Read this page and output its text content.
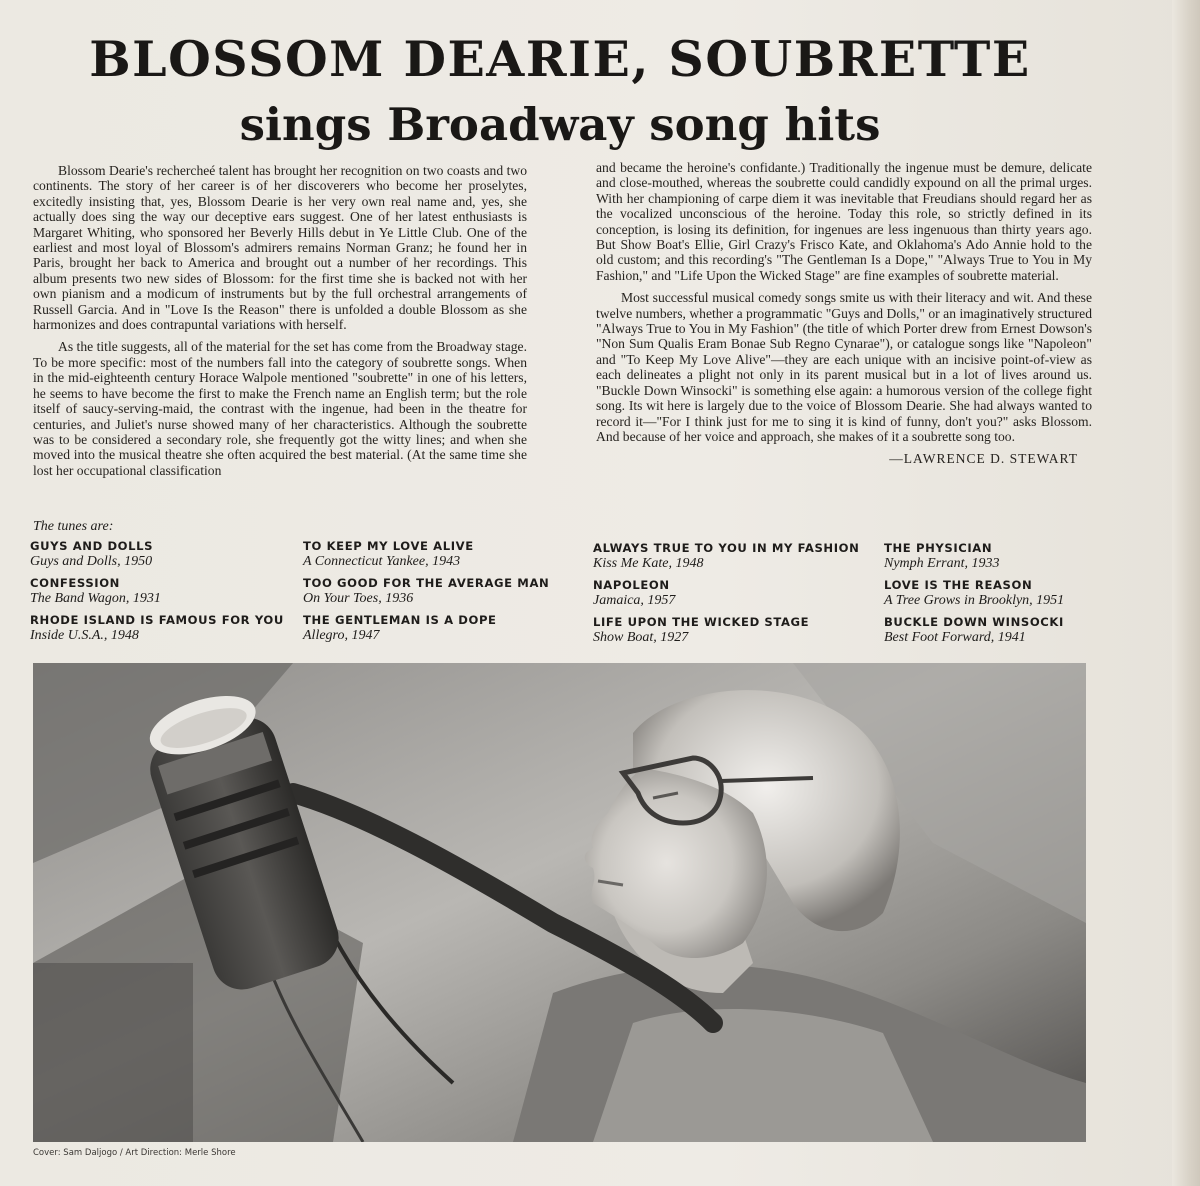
BLOSSOM DEARIE, SOUBRETTE
sings Broadway song hits

Blossom Dearie's rechercheé talent has brought her recognition on two coasts and two continents. The story of her career is of her discoverers who become her proselytes, excitedly insisting that, yes, Blossom Dearie is her very own real name and, yes, she actually does sing the way our deceptive ears suggest. One of her latest enthusiasts is Margaret Whiting, who sponsored her Beverly Hills debut in Ye Little Club. One of the earliest and most loyal of Blossom's admirers remains Norman Granz; he found her in Paris, brought her back to America and brought out a number of her recordings. This album presents two new sides of Blossom: for the first time she is backed not with her own pianism and a modicum of instruments but by the full orchestral arrangements of Russell Garcia. And in "Love Is the Reason" there is unfolded a double Blossom as she harmonizes and does contrapuntal variations with herself.

As the title suggests, all of the material for the set has come from the Broadway stage. To be more specific: most of the numbers fall into the category of soubrette songs. When in the mid-eighteenth century Horace Walpole mentioned "soubrette" in one of his letters, he seems to have become the first to make the French name an English term; but the role itself of saucy-serving-maid, the contrast with the ingenue, had been in the theatre for centuries, and Juliet's nurse showed many of her characteristics. Although the soubrette was to be considered a secondary role, she frequently got the witty lines; and when she moved into the musical theatre she often acquired the best material. (At the same time she lost her occupational classification

and became the heroine's confidante.) Traditionally the ingenue must be demure, delicate and close-mouthed, whereas the soubrette could candidly expound on all the primal urges. With her championing of carpe diem it was inevitable that Freudians should regard her as the vocalized unconscious of the heroine. Today this role, so strictly defined in its conception, is losing its definition, for ingenues are less ingenuous than thirty years ago. But Show Boat's Ellie, Girl Crazy's Frisco Kate, and Oklahoma's Ado Annie hold to the old custom; and this recording's "The Gentleman Is a Dope," "Always True to You in My Fashion," and "Life Upon the Wicked Stage" are fine examples of soubrette material.

Most successful musical comedy songs smite us with their literacy and wit. And these twelve numbers, whether a programmatic "Guys and Dolls," or an imaginatively structured "Always True to You in My Fashion" (the title of which Porter drew from Ernest Dowson's "Non Sum Qualis Eram Bonae Sub Regno Cynarae"), or catalogue songs like "Napoleon" and "To Keep My Love Alive"—they are each unique with an incisive point-of-view as each delineates a plight not only in its parent musical but in a lot of lives around us. "Buckle Down Winsocki" is something else again: a humorous version of the college fight song. Its wit here is largely due to the voice of Blossom Dearie. She had always wanted to record it—"For I think just for me to sing it is kind of funny, don't you?" asks Blossom. And because of her voice and approach, she makes of it a soubrette song too.

—LAWRENCE D. STEWART

The tunes are:

GUYS AND DOLLS
Guys and Dolls, 1950
CONFESSION
The Band Wagon, 1931
RHODE ISLAND IS FAMOUS FOR YOU
Inside U.S.A., 1948
TO KEEP MY LOVE ALIVE
A Connecticut Yankee, 1943
TOO GOOD FOR THE AVERAGE MAN
On Your Toes, 1936
THE GENTLEMAN IS A DOPE
Allegro, 1947
ALWAYS TRUE TO YOU IN MY FASHION
Kiss Me Kate, 1948
NAPOLEON
Jamaica, 1957
LIFE UPON THE WICKED STAGE
Show Boat, 1927
THE PHYSICIAN
Nymph Errant, 1933
LOVE IS THE REASON
A Tree Grows in Brooklyn, 1951
BUCKLE DOWN WINSOCKI
Best Foot Forward, 1941

Cover: Sam Daljogo / Art Direction: Merle Shore
